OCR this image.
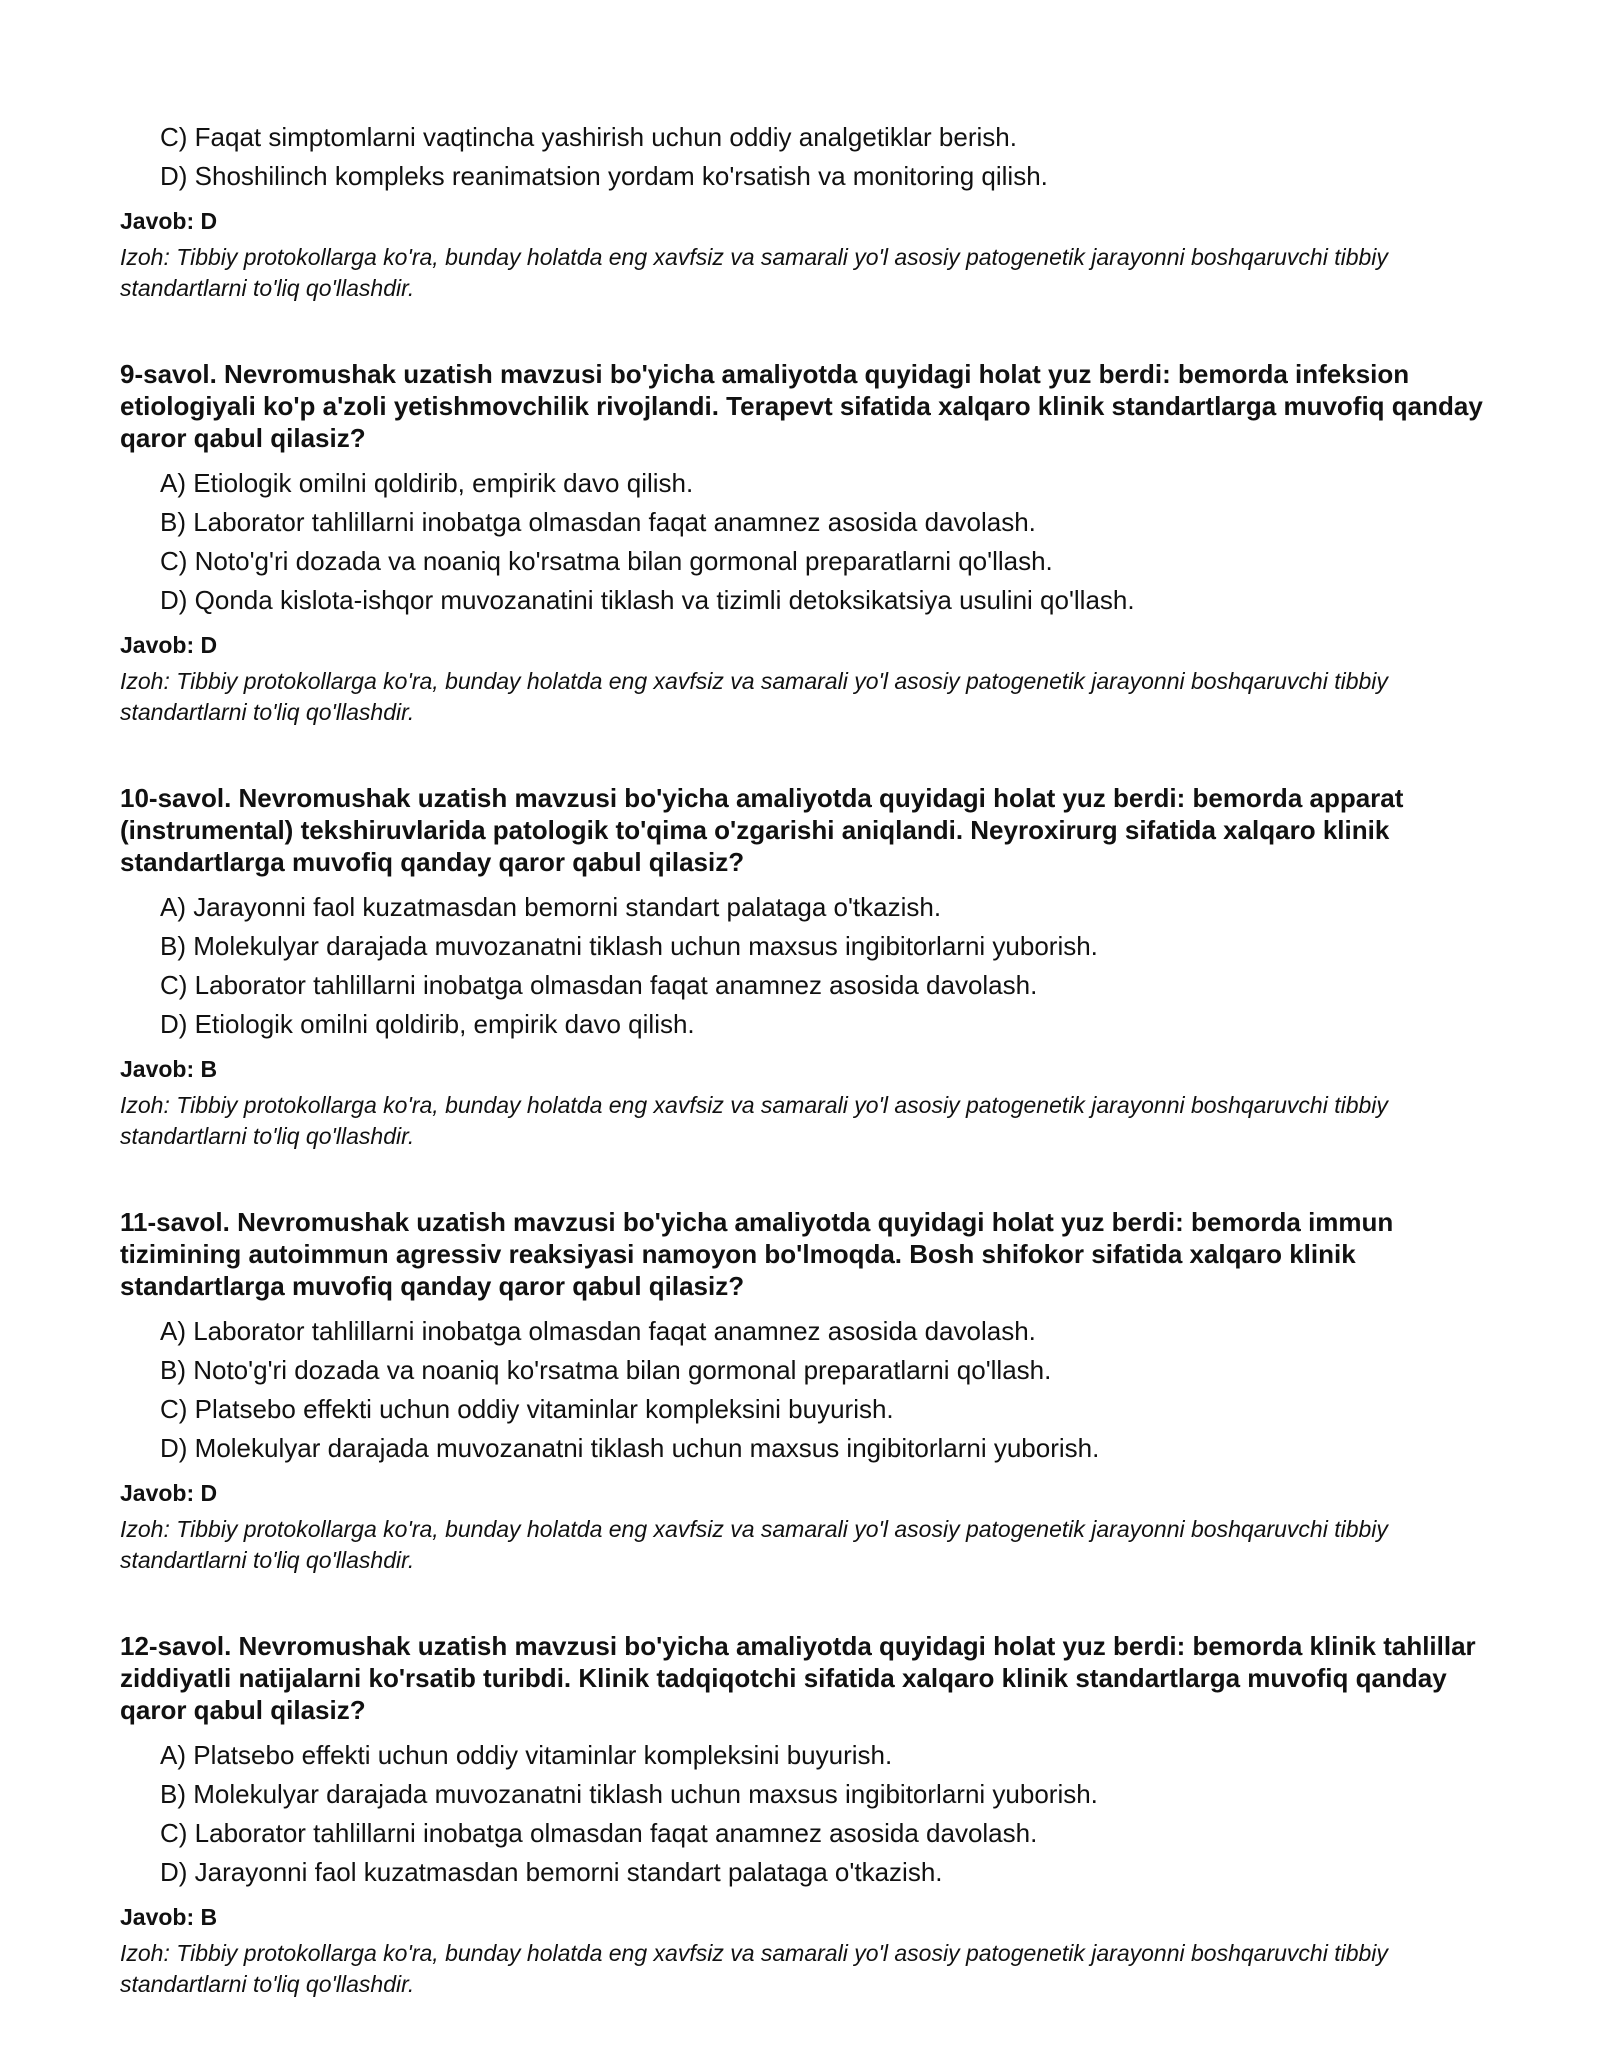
C) Faqat simptomlarni vaqtincha yashirish uchun oddiy analgetiklar berish.
D) Shoshilinch kompleks reanimatsion yordam ko'rsatish va monitoring qilish.
Javob: D
Izoh: Tibbiy protokollarga ko'ra, bunday holatda eng xavfsiz va samarali yo'l asosiy patogenetik jarayonni boshqaruvchi tibbiy standartlarni to'liq qo'llashdir.
9-savol. Nevromushak uzatish mavzusi bo'yicha amaliyotda quyidagi holat yuz berdi: bemorda infeksion etiologiyali ko'p a'zoli yetishmovchilik rivojlandi. Terapevt sifatida xalqaro klinik standartlarga muvofiq qanday qaror qabul qilasiz?
A) Etiologik omilni qoldirib, empirik davo qilish.
B) Laborator tahlillarni inobatga olmasdan faqat anamnez asosida davolash.
C) Noto'g'ri dozada va noaniq ko'rsatma bilan gormonal preparatlarni qo'llash.
D) Qonda kislota-ishqor muvozanatini tiklash va tizimli detoksikatsiya usulini qo'llash.
Javob: D
Izoh: Tibbiy protokollarga ko'ra, bunday holatda eng xavfsiz va samarali yo'l asosiy patogenetik jarayonni boshqaruvchi tibbiy standartlarni to'liq qo'llashdir.
10-savol. Nevromushak uzatish mavzusi bo'yicha amaliyotda quyidagi holat yuz berdi: bemorda apparat (instrumental) tekshiruvlarida patologik to'qima o'zgarishi aniqlandi. Neyroxirurg sifatida xalqaro klinik standartlarga muvofiq qanday qaror qabul qilasiz?
A) Jarayonni faol kuzatmasdan bemorni standart palataga o'tkazish.
B) Molekulyar darajada muvozanatni tiklash uchun maxsus ingibitorlarni yuborish.
C) Laborator tahlillarni inobatga olmasdan faqat anamnez asosida davolash.
D) Etiologik omilni qoldirib, empirik davo qilish.
Javob: B
Izoh: Tibbiy protokollarga ko'ra, bunday holatda eng xavfsiz va samarali yo'l asosiy patogenetik jarayonni boshqaruvchi tibbiy standartlarni to'liq qo'llashdir.
11-savol. Nevromushak uzatish mavzusi bo'yicha amaliyotda quyidagi holat yuz berdi: bemorda immun tizimining autoimmun agressiv reaksiyasi namoyon bo'lmoqda. Bosh shifokor sifatida xalqaro klinik standartlarga muvofiq qanday qaror qabul qilasiz?
A) Laborator tahlillarni inobatga olmasdan faqat anamnez asosida davolash.
B) Noto'g'ri dozada va noaniq ko'rsatma bilan gormonal preparatlarni qo'llash.
C) Platsebo effekti uchun oddiy vitaminlar kompleksini buyurish.
D) Molekulyar darajada muvozanatni tiklash uchun maxsus ingibitorlarni yuborish.
Javob: D
Izoh: Tibbiy protokollarga ko'ra, bunday holatda eng xavfsiz va samarali yo'l asosiy patogenetik jarayonni boshqaruvchi tibbiy standartlarni to'liq qo'llashdir.
12-savol. Nevromushak uzatish mavzusi bo'yicha amaliyotda quyidagi holat yuz berdi: bemorda klinik tahlillar ziddiyatli natijalarni ko'rsatib turibdi. Klinik tadqiqotchi sifatida xalqaro klinik standartlarga muvofiq qanday qaror qabul qilasiz?
A) Platsebo effekti uchun oddiy vitaminlar kompleksini buyurish.
B) Molekulyar darajada muvozanatni tiklash uchun maxsus ingibitorlarni yuborish.
C) Laborator tahlillarni inobatga olmasdan faqat anamnez asosida davolash.
D) Jarayonni faol kuzatmasdan bemorni standart palataga o'tkazish.
Javob: B
Izoh: Tibbiy protokollarga ko'ra, bunday holatda eng xavfsiz va samarali yo'l asosiy patogenetik jarayonni boshqaruvchi tibbiy standartlarni to'liq qo'llashdir.
